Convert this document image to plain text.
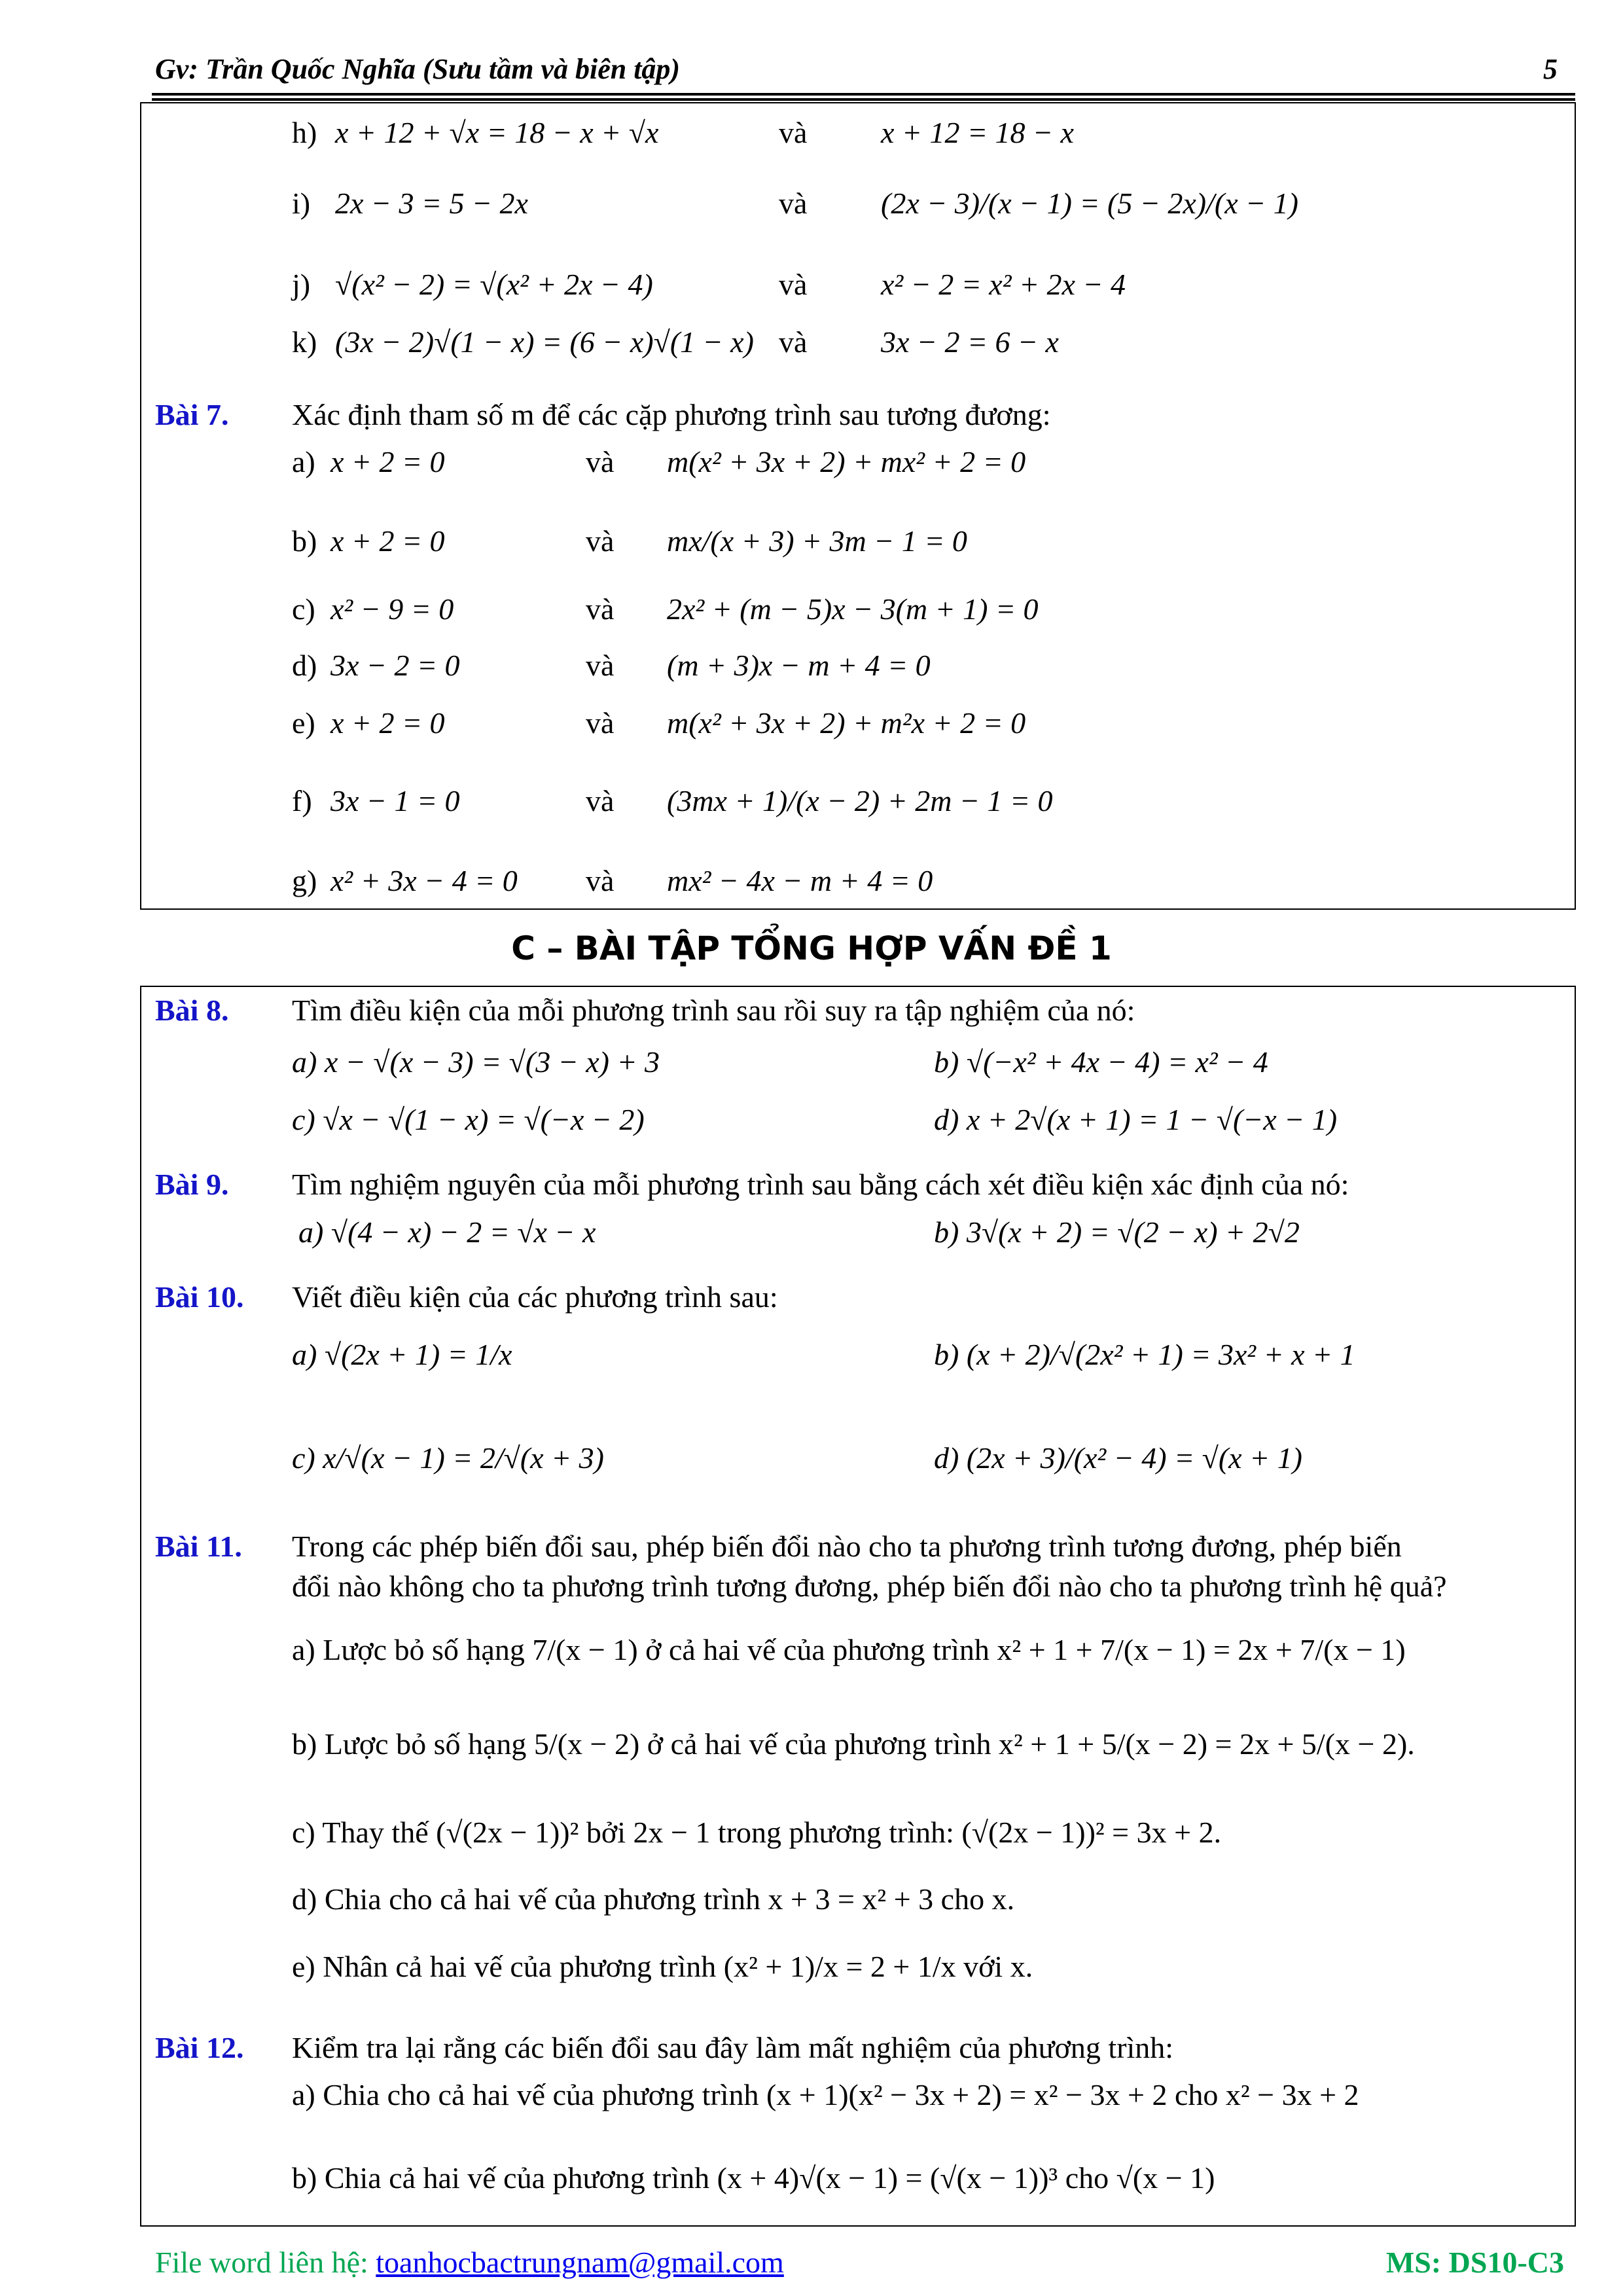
Gv: Trần Quốc Nghĩa (Sưu tầm và biên tập)	5
h) x + 12 + √x = 18 − x + √x	và x + 12 = 18 − x
i) 2x − 3 = 5 − 2x	và (2x − 3)/(x − 1) = (5 − 2x)/(x − 1)
j) √(x² − 2) = √(x² + 2x − 4)	và x² − 2 = x² + 2x − 4
k) (3x − 2)√(1 − x) = (6 − x)√(1 − x) và 3x − 2 = 6 − x
Bài 7. Xác định tham số m để các cặp phương trình sau tương đương:
a) x + 2 = 0	và m(x² + 3x + 2) + mx² + 2 = 0
b) x + 2 = 0	và mx/(x + 3) + 3m − 1 = 0
c) x² − 9 = 0	và 2x² + (m − 5)x − 3(m + 1) = 0
d) 3x − 2 = 0	và (m + 3)x − m + 4 = 0
e) x + 2 = 0	và m(x² + 3x + 2) + m²x + 2 = 0
f) 3x − 1 = 0	và (3mx + 1)/(x − 2) + 2m − 1 = 0
g) x² + 3x − 4 = 0 và mx² − 4x − m + 4 = 0
C – BÀI TẬP TỔNG HỢP VẤN ĐỀ 1
Bài 8. Tìm điều kiện của mỗi phương trình sau rồi suy ra tập nghiệm của nó:
a) x − √(x − 3) = √(3 − x) + 3	b) √(−x² + 4x − 4) = x² − 4
c) √x − √(1 − x) = √(−x − 2)	d) x + 2√(x + 1) = 1 − √(−x − 1)
Bài 9. Tìm nghiệm nguyên của mỗi phương trình sau bằng cách xét điều kiện xác định của nó:
a) √(4 − x) − 2 = √x − x	b) 3√(x + 2) = √(2 − x) + 2√2
Bài 10. Viết điều kiện của các phương trình sau:
a) √(2x + 1) = 1/x	b) (x + 2)/√(2x² + 1) = 3x² + x + 1
c) x/√(x − 1) = 2/√(x + 3)	d) (2x + 3)/(x² − 4) = √(x + 1)
Bài 11. Trong các phép biến đổi sau, phép biến đổi nào cho ta phương trình tương đương, phép biến
đổi nào không cho ta phương trình tương đương, phép biến đổi nào cho ta phương trình hệ quả?
a) Lược bỏ số hạng 7/(x − 1) ở cả hai vế của phương trình x² + 1 + 7/(x − 1) = 2x + 7/(x − 1)
b) Lược bỏ số hạng 5/(x − 2) ở cả hai vế của phương trình x² + 1 + 5/(x − 2) = 2x + 5/(x − 2).
c) Thay thế (√(2x − 1))² bởi 2x − 1 trong phương trình: (√(2x − 1))² = 3x + 2.
d) Chia cho cả hai vế của phương trình x + 3 = x² + 3 cho x.
e) Nhân cả hai vế của phương trình (x² + 1)/x = 2 + 1/x với x.
Bài 12. Kiểm tra lại rằng các biến đổi sau đây làm mất nghiệm của phương trình:
a) Chia cho cả hai vế của phương trình (x + 1)(x² − 3x + 2) = x² − 3x + 2 cho x² − 3x + 2
b) Chia cả hai vế của phương trình (x + 4)√(x − 1) = (√(x − 1))³ cho √(x − 1)
File word liên hệ: toanhocbactrungnam@gmail.com	MS: DS10-C3
